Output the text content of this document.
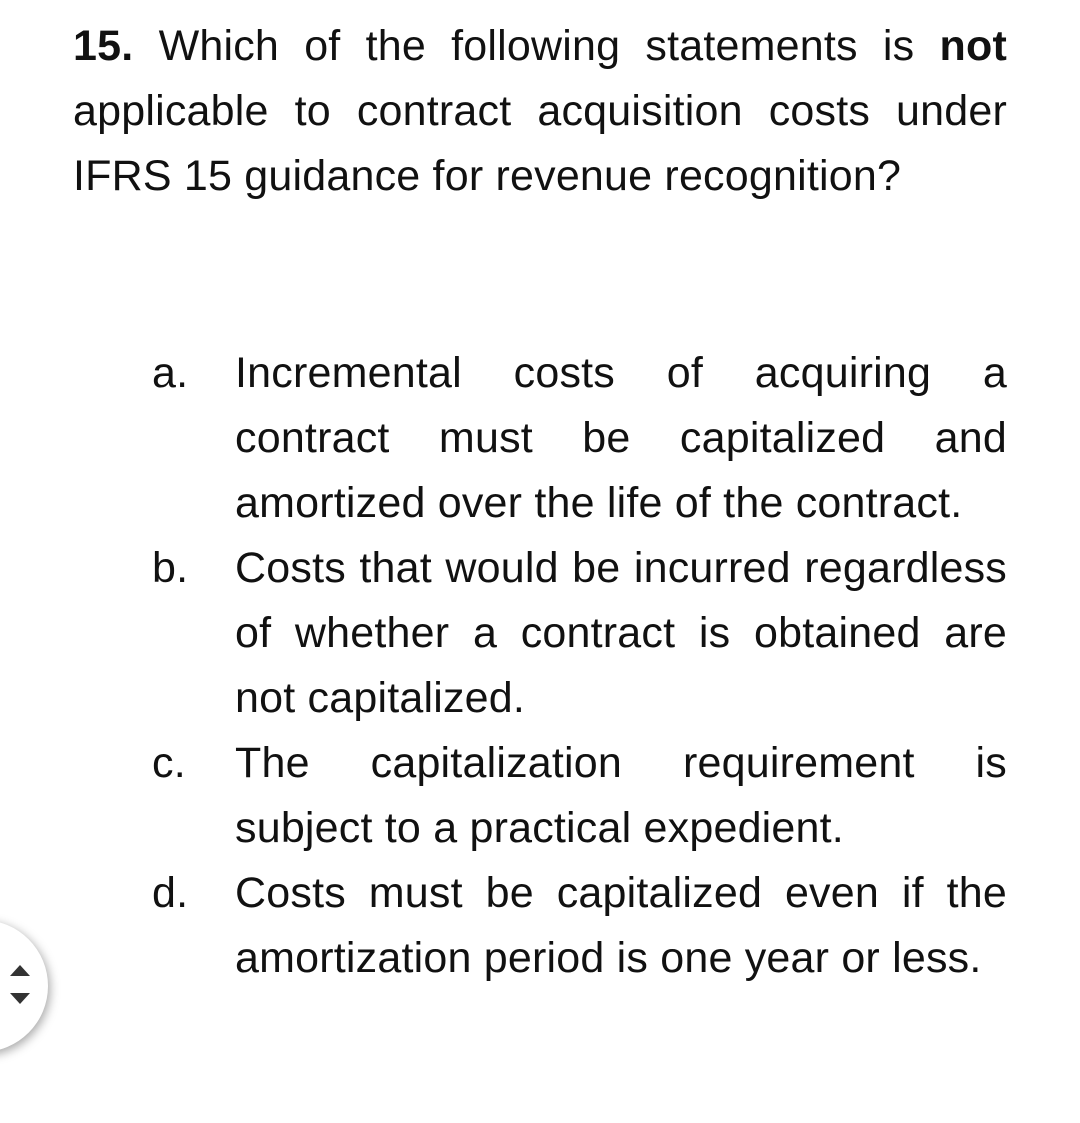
15. Which of the following statements is not applicable to contract acquisition costs under IFRS 15 guidance for revenue recognition?
a. Incremental costs of acquiring a contract must be capitalized and amortized over the life of the contract.
b. Costs that would be incurred regardless of whether a contract is obtained are not capitalized.
c. The capitalization requirement is subject to a practical expedient.
d. Costs must be capitalized even if the amortization period is one year or less.
